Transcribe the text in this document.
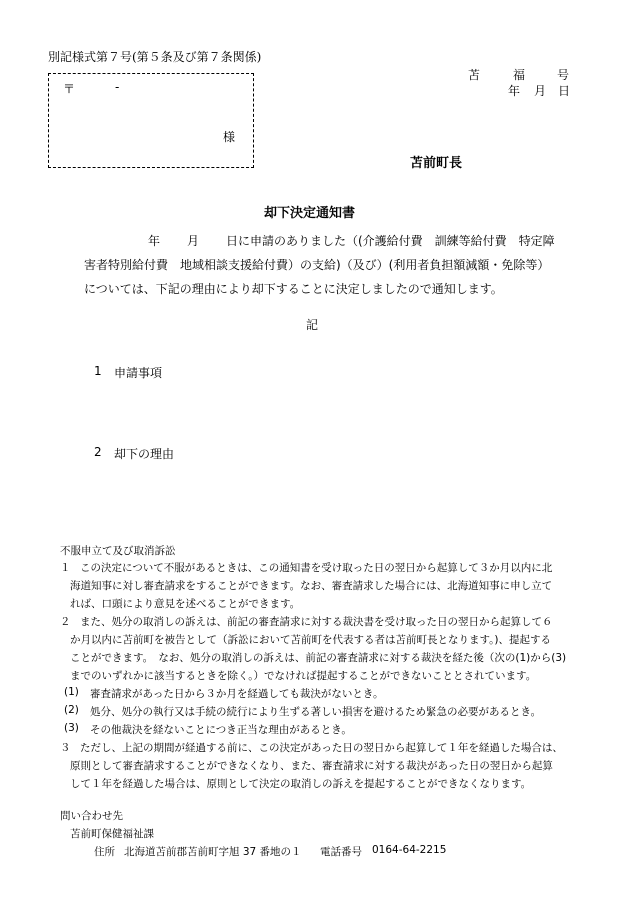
別記様式第７号(第５条及び第７条関係)
苫	福	号
年 月 日
〒	-
様
苫前町長
却下決定通知書
年 月 日に申請のありました（(介護給付費　訓練等給付費　特定障
害者特別給付費　地域相談支援給付費）の支給)（及び）(利用者負担額減額・免除等）
については、下記の理由により却下することに決定しましたので通知します。
記
1 申請事項
2 却下の理由
不服申立て及び取消訴訟
１ この決定について不服があるときは、この通知書を受け取った日の翌日から起算して３か月以内に北
海道知事に対し審査請求をすることができます。なお、審査請求した場合には、北海道知事に申し立て
れば、口頭により意見を述べることができます。
２ また、処分の取消しの訴えは、前記の審査請求に対する裁決書を受け取った日の翌日から起算して６
か月以内に苫前町を被告として（訴訟において苫前町を代表する者は苫前町長となります。)、提起する
ことができます。　なお、処分の取消しの訴えは、前記の審査請求に対する裁決を経た後（次の(1)から(3)
までのいずれかに該当するときを除く。）でなければ提起することができないこととされています。
(1) 審査請求があった日から３か月を経過しても裁決がないとき。
(2) 処分、処分の執行又は手続の続行により生ずる著しい損害を避けるため緊急の必要があるとき。
(3) その他裁決を経ないことにつき正当な理由があるとき。
３ ただし、上記の期間が経過する前に、この決定があった日の翌日から起算して１年を経過した場合は、
原則として審査請求することができなくなり、また、審査請求に対する裁決があった日の翌日から起算
して１年を経過した場合は、原則として決定の取消しの訴えを提起することができなくなります。
問い合わせ先
苫前町保健福祉課
住所 北海道苫前郡苫前町字旭 37 番地の１ 電話番号 0164-64-2215
